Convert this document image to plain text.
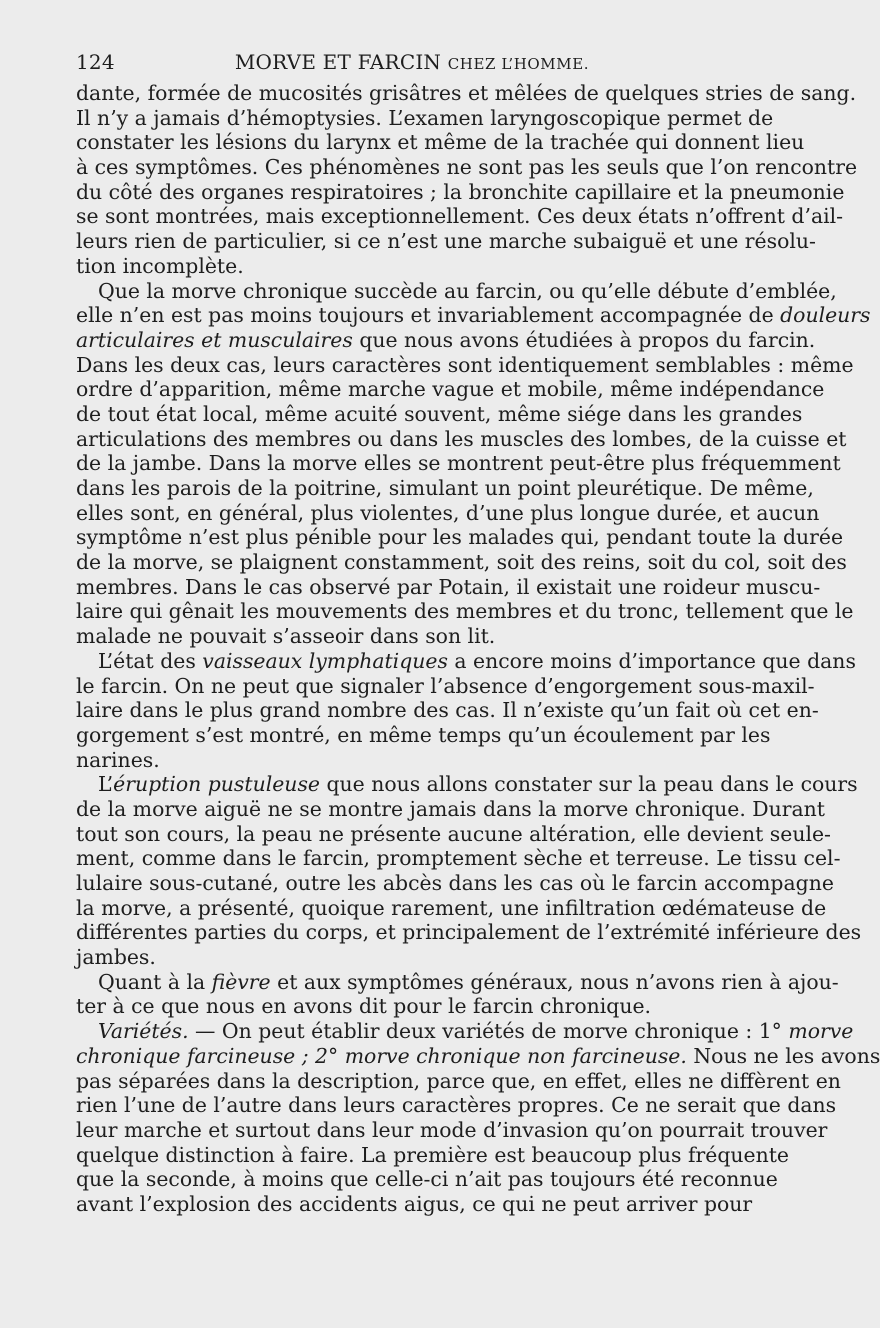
124	MORVE ET FARCIN CHEZ L’HOMME.
dante, formée de mucosités grisâtres et mêlées de quelques stries de sang.
Il n’y a jamais d’hémoptysies. L’examen laryngoscopique permet de
constater les lésions du larynx et même de la trachée qui donnent lieu
à ces symptômes. Ces phénomènes ne sont pas les seuls que l’on rencontre
du côté des organes respiratoires ; la bronchite capillaire et la pneumonie
se sont montrées, mais exceptionnellement. Ces deux états n’offrent d’ail-
leurs rien de particulier, si ce n’est une marche subaiguë et une résolu-
tion incomplète.
Que la morve chronique succède au farcin, ou qu’elle débute d’emblée,
elle n’en est pas moins toujours et invariablement accompagnée de douleurs
articulaires et musculaires que nous avons étudiées à propos du farcin.
Dans les deux cas, leurs caractères sont identiquement semblables : même
ordre d’apparition, même marche vague et mobile, même indépendance
de tout état local, même acuité souvent, même siége dans les grandes
articulations des membres ou dans les muscles des lombes, de la cuisse et
de la jambe. Dans la morve elles se montrent peut-être plus fréquemment
dans les parois de la poitrine, simulant un point pleurétique. De même,
elles sont, en général, plus violentes, d’une plus longue durée, et aucun
symptôme n’est plus pénible pour les malades qui, pendant toute la durée
de la morve, se plaignent constamment, soit des reins, soit du col, soit des
membres. Dans le cas observé par Potain, il existait une roideur muscu-
laire qui gênait les mouvements des membres et du tronc, tellement que le
malade ne pouvait s’asseoir dans son lit.
L’état des vaisseaux lymphatiques a encore moins d’importance que dans
le farcin. On ne peut que signaler l’absence d’engorgement sous-maxil-
laire dans le plus grand nombre des cas. Il n’existe qu’un fait où cet en-
gorgement s’est montré, en même temps qu’un écoulement par les
narines.
L’éruption pustuleuse que nous allons constater sur la peau dans le cours
de la morve aiguë ne se montre jamais dans la morve chronique. Durant
tout son cours, la peau ne présente aucune altération, elle devient seule-
ment, comme dans le farcin, promptement sèche et terreuse. Le tissu cel-
lulaire sous-cutané, outre les abcès dans les cas où le farcin accompagne
la morve, a présenté, quoique rarement, une infiltration œdémateuse de
différentes parties du corps, et principalement de l’extrémité inférieure des
jambes.
Quant à la fièvre et aux symptômes généraux, nous n’avons rien à ajou-
ter à ce que nous en avons dit pour le farcin chronique.
Variétés. — On peut établir deux variétés de morve chronique : 1° morve
chronique farcineuse ; 2° morve chronique non farcineuse. Nous ne les avons
pas séparées dans la description, parce que, en effet, elles ne diffèrent en
rien l’une de l’autre dans leurs caractères propres. Ce ne serait que dans
leur marche et surtout dans leur mode d’invasion qu’on pourrait trouver
quelque distinction à faire. La première est beaucoup plus fréquente
que la seconde, à moins que celle-ci n’ait pas toujours été reconnue
avant l’explosion des accidents aigus, ce qui ne peut arriver pour
